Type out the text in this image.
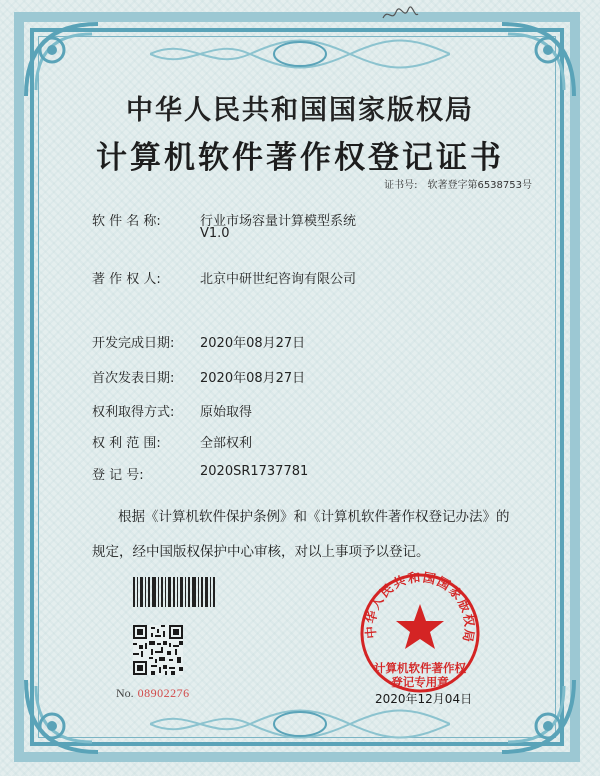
中华人民共和国国家版权局
计算机软件著作权登记证书
证书号: 软著登字第6538753号
软 件 名 称:	行业市场容量计算模型系统
V1.0
著 作 权 人:	北京中研世纪咨询有限公司
开发完成日期:	2020年08月27日
首次发表日期:	2020年08月27日
权利取得方式:	原始取得
权 利 范 围:	全部权利
登 记 号:	2020SR1737781
根据《计算机软件保护条例》和《计算机软件著作权登记办法》的
规定，经中国版权保护中心审核，对以上事项予以登记。
No. 08902276
中华人民共和国国家版权局
计算机软件著作权
登记专用章
2020年12月04日
